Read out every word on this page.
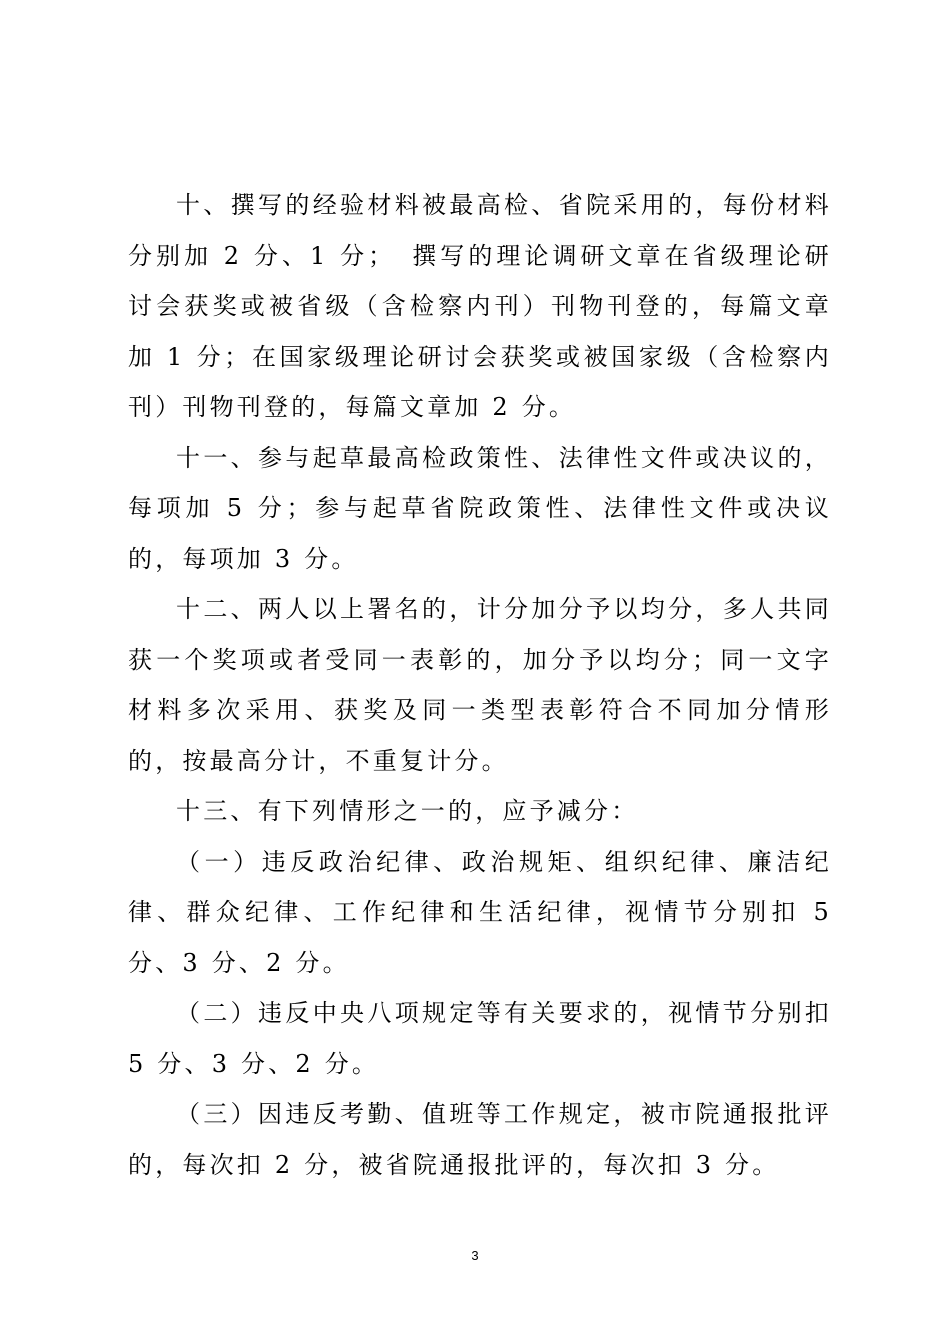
十、撰写的经验材料被最高检、省院采用的，每份材料分别加 2 分、1 分；　撰写的理论调研文章在省级理论研讨会获奖或被省级（含检察内刊）刊物刊登的，每篇文章加 1 分；在国家级理论研讨会获奖或被国家级（含检察内刊）刊物刊登的，每篇文章加 2 分。

十一、参与起草最高检政策性、法律性文件或决议的，每项加 5 分；参与起草省院政策性、法律性文件或决议的，每项加 3 分。

十二、两人以上署名的，计分加分予以均分，多人共同获一个奖项或者受同一表彰的，加分予以均分；同一文字材料多次采用、获奖及同一类型表彰符合不同加分情形的，按最高分计，不重复计分。

十三、有下列情形之一的，应予减分：

（一）违反政治纪律、政治规矩、组织纪律、廉洁纪律、群众纪律、工作纪律和生活纪律，视情节分别扣 5 分、3 分、2 分。

（二）违反中央八项规定等有关要求的，视情节分别扣 5 分、3 分、2 分。

（三）因违反考勤、值班等工作规定，被市院通报批评的，每次扣 2 分，被省院通报批评的，每次扣 3 分。

3
